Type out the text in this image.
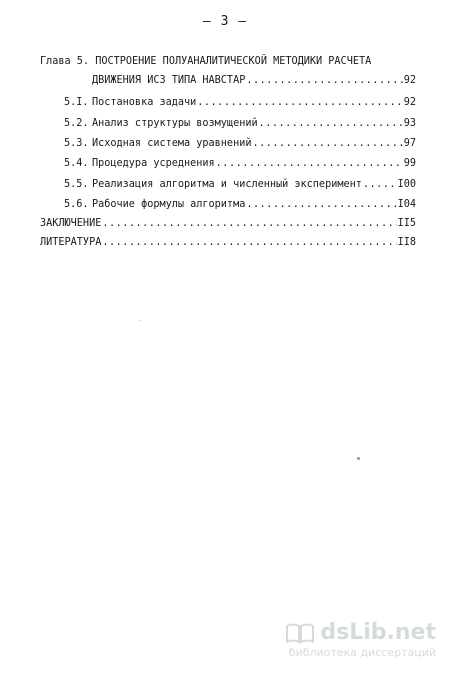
– 3 –
Глава 5. ПОСТРОЕНИЕ ПОЛУАНАЛИТИЧЕСКОЙ МЕТОДИКИ РАСЧЕТА
ДВИЖЕНИЯ ИСЗ ТИПА НАВСТАР .....	92
5.I. Постановка задачи .....	92
5.2. Анализ структуры возмущений .....	93
5.3. Исходная система уравнений .....	97
5.4. Процедура усреднения .....	99
5.5. Реализация алгоритма и численный эксперимент .....	I00
5.6. Рабочие формулы алгоритма .....	I04
ЗАКЛЮЧЕНИЕ .....	II5
ЛИТЕРАТУРА .....	II8
dsLib.net
библиотека диссертаций
